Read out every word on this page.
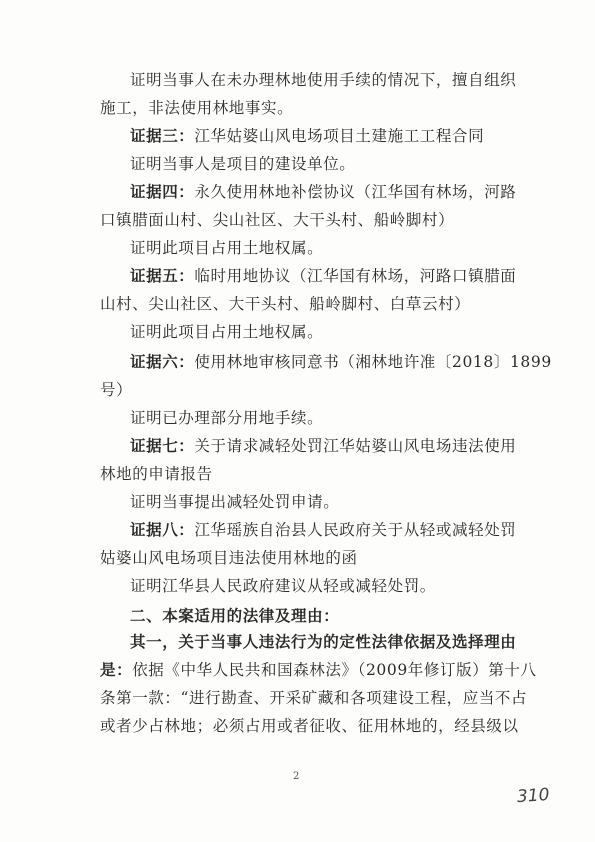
证明当事人在未办理林地使用手续的情况下，擅自组织
施工，非法使用林地事实。
证据三：江华姑婆山风电场项目土建施工工程合同
证明当事人是项目的建设单位。
证据四：永久使用林地补偿协议（江华国有林场，河路
口镇腊面山村、尖山社区、大干头村、船岭脚村）
证明此项目占用土地权属。
证据五：临时用地协议（江华国有林场，河路口镇腊面
山村、尖山社区、大干头村、船岭脚村、白草云村）
证明此项目占用土地权属。
证据六：使用林地审核同意书（湘林地许准〔2018〕1899
号）
证明已办理部分用地手续。
证据七：关于请求减轻处罚江华姑婆山风电场违法使用
林地的申请报告
证明当事提出减轻处罚申请。
证据八：江华瑶族自治县人民政府关于从轻或减轻处罚
姑婆山风电场项目违法使用林地的函
证明江华县人民政府建议从轻或减轻处罚。
二、本案适用的法律及理由：
其一，关于当事人违法行为的定性法律依据及选择理由
是：依据《中华人民共和国森林法》（2009年修订版）第十八
条第一款：“进行勘查、开采矿藏和各项建设工程，应当不占
或者少占林地；必须占用或者征收、征用林地的，经县级以
2
310
